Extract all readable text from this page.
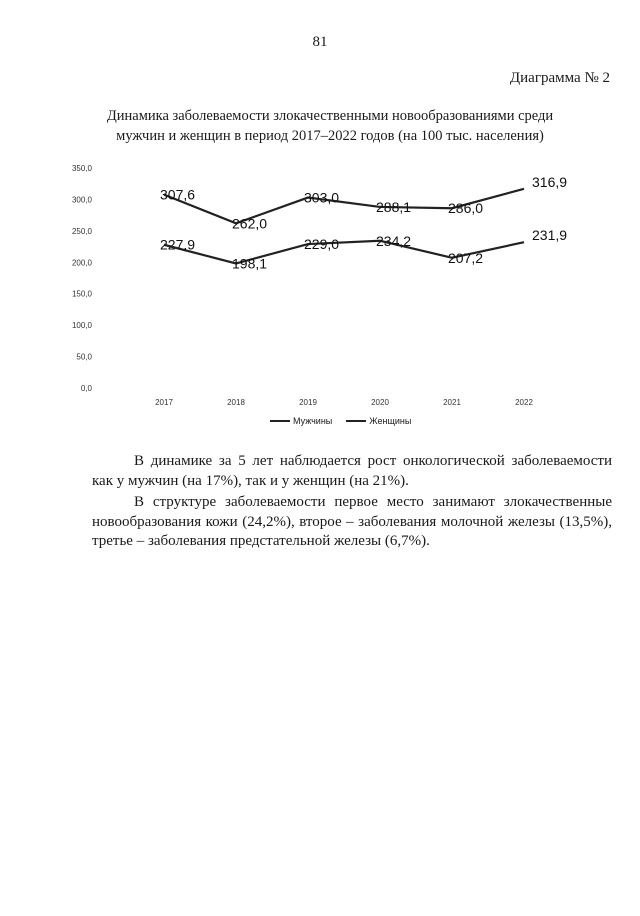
81
Диаграмма № 2
Динамика заболеваемости злокачественными новообразованиями среди
мужчин и женщин в период 2017–2022 годов (на 100 тыс. населения)
0,0
50,0
100,0
150,0
200,0
250,0
300,0
350,0
2017	2018	2019	2020	2021	2022
307,6
262,0
303,0
288,1	286,0
316,9
227,9
198,1
229,0	234,2
207,2
231,9
Мужчины	Женщины

В динамике за 5 лет наблюдается рост онкологической заболеваемости как у мужчин (на 17%), так и у женщин (на 21%).

В структуре заболеваемости первое место занимают злокачественные новообразования кожи (24,2%), второе – заболевания молочной железы (13,5%), третье – заболевания предстательной железы (6,7%).
